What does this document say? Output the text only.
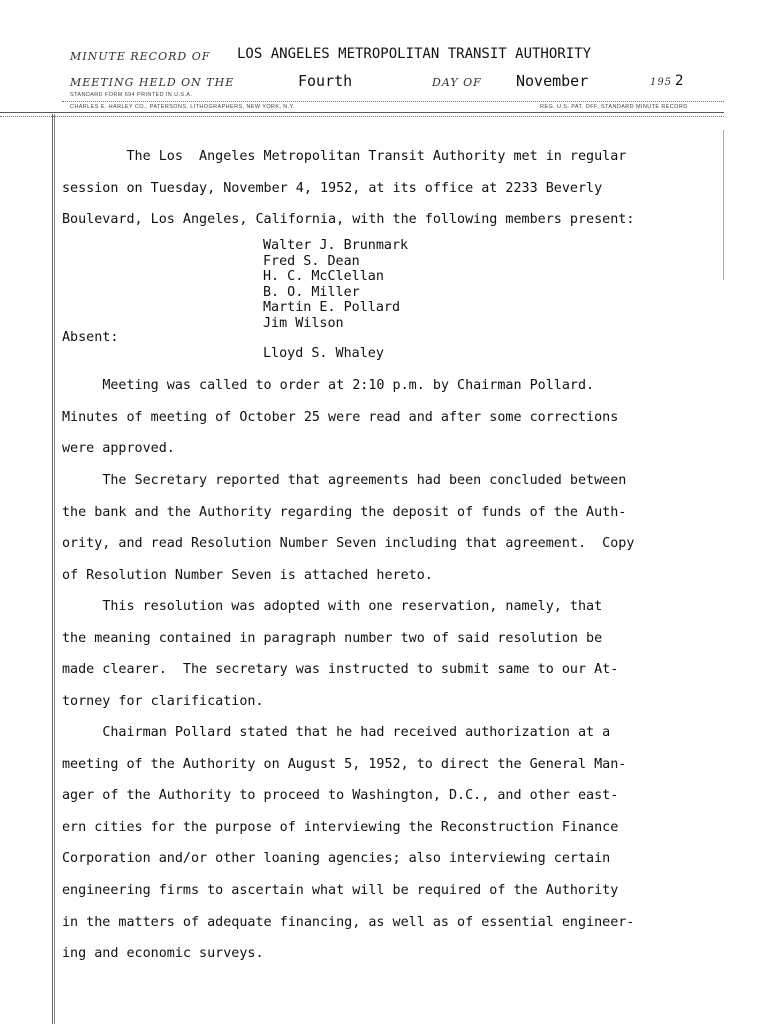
MINUTE RECORD OF LOS ANGELES METROPOLITAN TRANSIT AUTHORITY
MEETING HELD ON THE	Fourth	DAY OF November	195 2
STANDARD FORM 694 PRINTED IN U.S.A.
CHARLES E. HARLEY CO., PATERSONS, LITHOGRAPHERS, NEW YORK, N.Y.	REG. U.S. PAT. OFF. STANDARD MINUTE RECORD
The Los  Angeles Metropolitan Transit Authority met in regular
session on Tuesday, November 4, 1952, at its office at 2233 Beverly
Boulevard, Los Angeles, California, with the following members present:
Walter J. Brunmark
Fred S. Dean
H. C. McClellan
B. O. Miller
Martin E. Pollard
Jim Wilson
Absent:
Lloyd S. Whaley
Meeting was called to order at 2:10 p.m. by Chairman Pollard.
Minutes of meeting of October 25 were read and after some corrections
were approved.
The Secretary reported that agreements had been concluded between
the bank and the Authority regarding the deposit of funds of the Auth-
ority, and read Resolution Number Seven including that agreement.  Copy
of Resolution Number Seven is attached hereto.
This resolution was adopted with one reservation, namely, that
the meaning contained in paragraph number two of said resolution be
made clearer.  The secretary was instructed to submit same to our At-
torney for clarification.
Chairman Pollard stated that he had received authorization at a
meeting of the Authority on August 5, 1952, to direct the General Man-
ager of the Authority to proceed to Washington, D.C., and other east-
ern cities for the purpose of interviewing the Reconstruction Finance
Corporation and/or other loaning agencies; also interviewing certain
engineering firms to ascertain what will be required of the Authority
in the matters of adequate financing, as well as of essential engineer-
ing and economic surveys.
